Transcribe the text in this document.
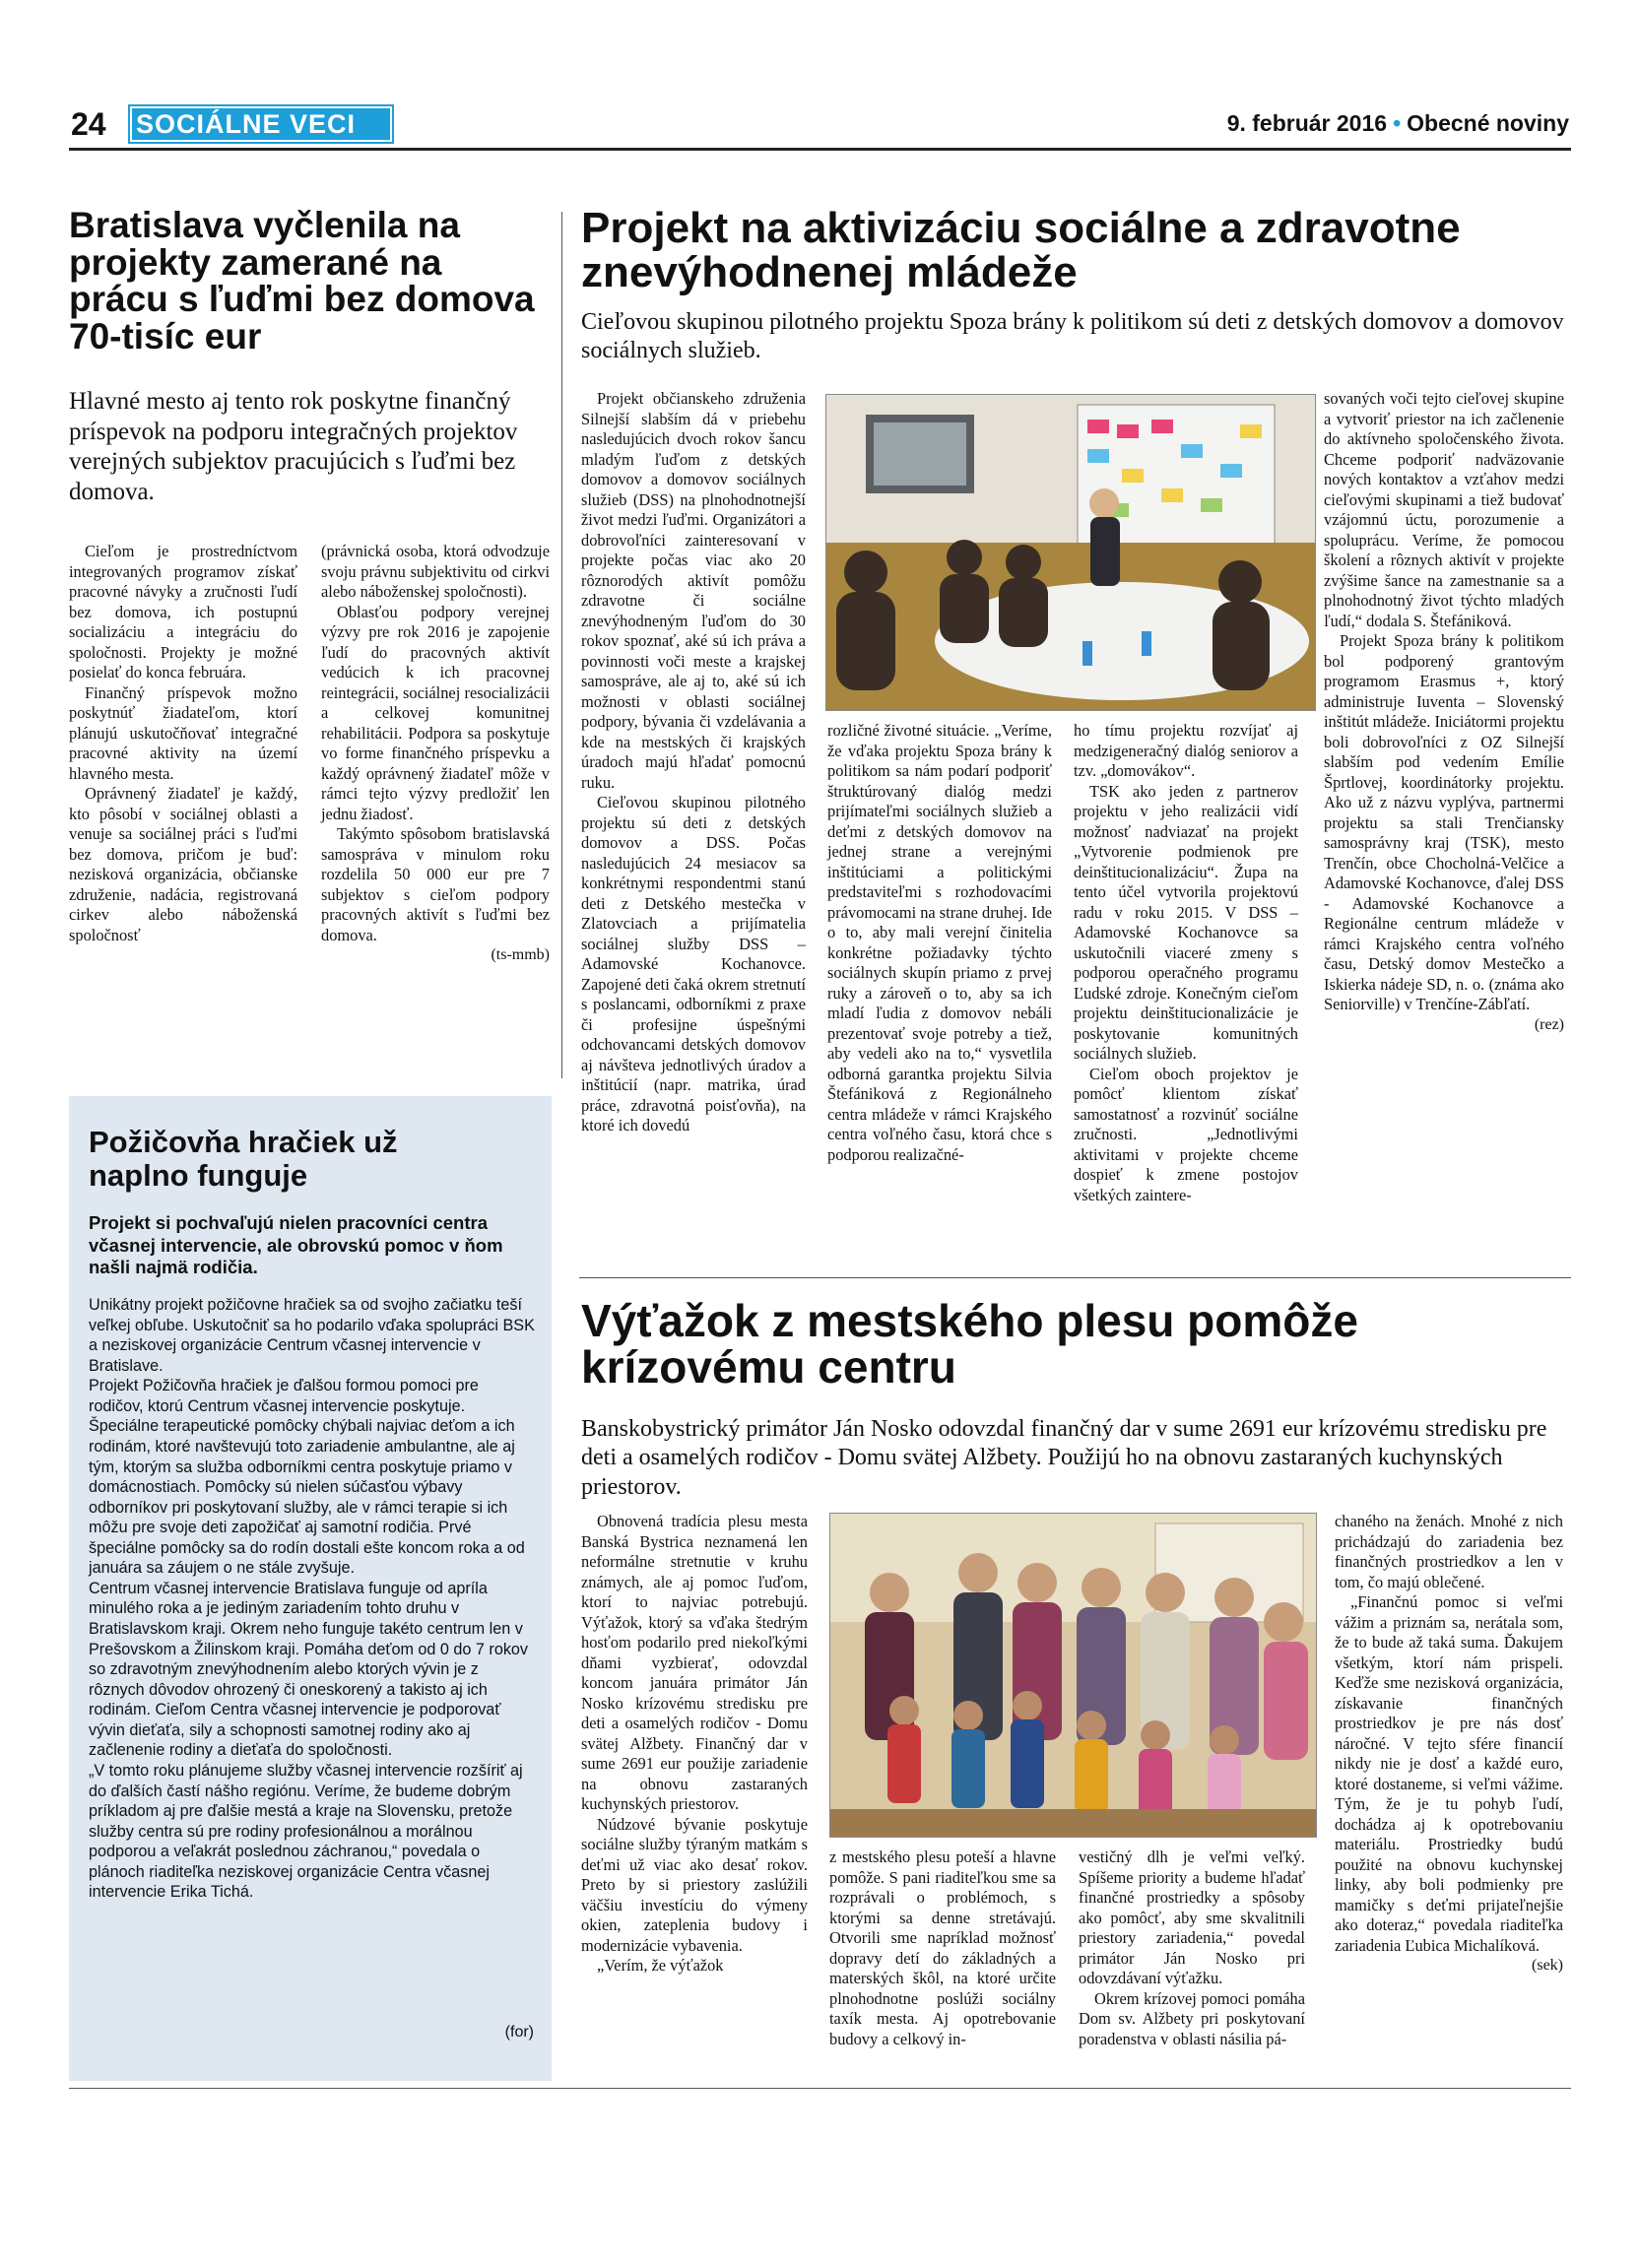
24 SOCIÁLNE VECI	9. február 2016 • Obecné noviny
Bratislava vyčlenila na projekty zamerané na prácu s ľuďmi bez domova 70-tisíc eur
Hlavné mesto aj tento rok poskytne finančný príspevok na podporu integračných projektov verejných subjektov pracujúcich s ľuďmi bez domova.

Cieľom je prostredníctvom integrovaných programov získať pracovné návyky a zručnosti ľudí bez domova, ich postupnú socializáciu a integráciu do spoločnosti. Projekty je možné posielať do konca februára.

Finančný príspevok možno poskytnúť žiadateľom, ktorí plánujú uskutočňovať integračné pracovné aktivity na území hlavného mesta.

Oprávnený žiadateľ je každý, kto pôsobí v sociálnej oblasti a venuje sa sociálnej práci s ľuďmi bez domova, pričom je buď: nezisková organizácia, občianske združenie, nadácia, registrovaná cirkev alebo náboženská spoločnosť

(právnická osoba, ktorá odvodzuje svoju právnu subjektivitu od cirkvi alebo náboženskej spoločnosti).

Oblasťou podpory verejnej výzvy pre rok 2016 je zapojenie ľudí do pracovných aktivít vedúcich k ich pracovnej reintegrácii, sociálnej resocializácii a celkovej komunitnej rehabilitácii. Podpora sa poskytuje vo forme finančného príspevku a každý oprávnený žiadateľ môže v rámci tejto výzvy predložiť len jednu žiadosť.

Takýmto spôsobom bratislavská samospráva v minulom roku rozdelila 50 000 eur pre 7 subjektov s cieľom podpory pracovných aktivít s ľuďmi bez domova.

(ts-mmb)
Požičovňa hračiek už naplno funguje
Projekt si pochvaľujú nielen pracovníci centra včasnej intervencie, ale obrovskú pomoc v ňom našli najmä rodičia.

Unikátny projekt požičovne hračiek sa od svojho začiatku teší veľkej obľube. Uskutočniť sa ho podarilo vďaka spolupráci BSK a neziskovej organizácie Centrum včasnej intervencie v Bratislave.

Projekt Požičovňa hračiek je ďalšou formou pomoci pre rodičov, ktorú Centrum včasnej intervencie poskytuje. Špeciálne terapeutické pomôcky chýbali najviac deťom a ich rodinám, ktoré navštevujú toto zariadenie ambulantne, ale aj tým, ktorým sa služba odborníkmi centra poskytuje priamo v domácnostiach. Pomôcky sú nielen súčasťou výbavy odborníkov pri poskytovaní služby, ale v rámci terapie si ich môžu pre svoje deti zapožičať aj samotní rodičia. Prvé špeciálne pomôcky sa do rodín dostali ešte koncom roka a od januára sa záujem o ne stále zvyšuje.

Centrum včasnej intervencie Bratislava funguje od apríla minulého roka a je jediným zariadením tohto druhu v Bratislavskom kraji. Okrem neho funguje takéto centrum len v Prešovskom a Žilinskom kraji. Pomáha deťom od 0 do 7 rokov so zdravotným znevýhodnením alebo ktorých vývin je z rôznych dôvodov ohrozený či oneskorený a takisto aj ich rodinám. Cieľom Centra včasnej intervencie je podporovať vývin dieťaťa, sily a schopnosti samotnej rodiny ako aj začlenenie rodiny a dieťaťa do spoločnosti.

„V tomto roku plánujeme služby včasnej intervencie rozšíriť aj do ďalších častí nášho regiónu. Veríme, že budeme dobrým príkladom aj pre ďalšie mestá a kraje na Slovensku, pretože služby centra sú pre rodiny profesionálnou a morálnou podporou a veľakrát poslednou záchranou,“ povedala o plánoch riaditeľka neziskovej organizácie Centra včasnej intervencie Erika Tichá.

(for)
Projekt na aktivizáciu sociálne a zdravotne znevýhodnenej mládeže
Cieľovou skupinou pilotného projektu Spoza brány k politikom sú deti z detských domovov a domovov sociálnych služieb.

Projekt občianskeho združenia Silnejší slabším dá v priebehu nasledujúcich dvoch rokov šancu mladým ľuďom z detských domovov a domovov sociálnych služieb (DSS) na plnohodnotnejší život medzi ľuďmi. Organizátori a dobrovoľníci zainteresovaní v projekte počas viac ako 20 rôznorodých aktivít pomôžu zdravotne či sociálne znevýhodneným ľuďom do 30 rokov spoznať, aké sú ich práva a povinnosti voči meste a krajskej samospráve, ale aj to, aké sú ich možnosti v oblasti sociálnej podpory, bývania či vzdelávania a kde na mestských či krajských úradoch majú hľadať pomocnú ruku.

Cieľovou skupinou pilotného projektu sú deti z detských domovov a DSS. Počas nasledujúcich 24 mesiacov sa konkrétnymi respondentmi stanú deti z Detského mestečka v Zlatovciach a prijímatelia sociálnej služby DSS – Adamovské Kochanovce. Zapojené deti čaká okrem stretnutí s poslancami, odborníkmi z praxe či profesijne úspešnými odchovancami detských domovov aj návšteva jednotlivých úradov a inštitúcií (napr. matrika, úrad práce, zdravotná poisťovňa), na ktoré ich dovedú

rozličné životné situácie. „Veríme, že vďaka projektu Spoza brány k politikom sa nám podarí podporiť štruktúrovaný dialóg medzi prijímateľmi sociálnych služieb a deťmi z detských domovov na jednej strane a verejnými inštitúciami a politickými predstaviteľmi s rozhodovacími právomocami na strane druhej. Ide o to, aby mali verejní činitelia konkrétne požiadavky týchto sociálnych skupín priamo z prvej ruky a zároveň o to, aby sa ich mladí ľudia z domovov nebáli prezentovať svoje potreby a tiež, aby vedeli ako na to,“ vysvetlila odborná garantka projektu Silvia Štefániková z Regionálneho centra mládeže v rámci Krajského centra voľného času, ktorá chce s podporou realizačné-

ho tímu projektu rozvíjať aj medzigeneračný dialóg seniorov a tzv. „domovákov“.

TSK ako jeden z partnerov projektu v jeho realizácii vidí možnosť nadviazať na projekt „Vytvorenie podmienok pre deinštitucionalizáciu“. Župa na tento účel vytvorila projektovú radu v roku 2015. V DSS – Adamovské Kochanovce sa uskutočnili viaceré zmeny s podporou operačného programu Ľudské zdroje. Konečným cieľom projektu deinštitucionalizácie je poskytovanie komunitných sociálnych služieb.

Cieľom oboch projektov je pomôcť klientom získať samostatnosť a rozvinúť sociálne zručnosti. „Jednotlivými aktivitami v projekte chceme dospieť k zmene postojov všetkých zaintere-

sovaných voči tejto cieľovej skupine a vytvoriť priestor na ich začlenenie do aktívneho spoločenského života. Chceme podporiť nadväzovanie nových kontaktov a vzťahov medzi cieľovými skupinami a tiež budovať vzájomnú úctu, porozumenie a spoluprácu. Veríme, že pomocou školení a rôznych aktivít v projekte zvýšime šance na zamestnanie sa a plnohodnotný život týchto mladých ľudí,“ dodala S. Štefániková.

Projekt Spoza brány k politikom bol podporený grantovým programom Erasmus +, ktorý administruje Iuventa – Slovenský inštitút mládeže. Iniciátormi projektu boli dobrovoľníci z OZ Silnejší slabším pod vedením Emílie Šprtlovej, koordinátorky projektu. Ako už z názvu vyplýva, partnermi projektu sa stali Trenčiansky samosprávny kraj (TSK), mesto Trenčín, obce Chocholná-Velčice a Adamovské Kochanovce, ďalej DSS - Adamovské Kochanovce a Regionálne centrum mládeže v rámci Krajského centra voľného času, Detský domov Mestečko a Iskierka nádeje SD, n. o. (známa ako Seniorville) v Trenčíne-Zábľatí.

(rez)
Výťažok z mestského plesu pomôže krízovému centru
Banskobystrický primátor Ján Nosko odovzdal finančný dar v sume 2691 eur krízovému stredisku pre deti a osamelých rodičov - Domu svätej Alžbety. Použijú ho na obnovu zastaraných kuchynských priestorov.

Obnovená tradícia plesu mesta Banská Bystrica neznamená len neformálne stretnutie v kruhu známych, ale aj pomoc ľuďom, ktorí to najviac potrebujú. Výťažok, ktorý sa vďaka štedrým hosťom podarilo pred niekoľkými dňami vyzbierať, odovzdal koncom januára primátor Ján Nosko krízovému stredisku pre deti a osamelých rodičov - Domu svätej Alžbety. Finančný dar v sume 2691 eur použije zariadenie na obnovu zastaraných kuchynských priestorov.

Núdzové bývanie poskytuje sociálne služby týraným matkám s deťmi už viac ako desať rokov. Preto by si priestory zaslúžili väčšiu investíciu do výmeny okien, zateplenia budovy i modernizácie vybavenia.

„Verím, že výťažok

z mestského plesu poteší a hlavne pomôže. S pani riaditeľkou sme sa rozprávali o problémoch, s ktorými sa denne stretávajú. Otvorili sme napríklad možnosť dopravy detí do základných a materských škôl, na ktoré určite plnohodnotne poslúži sociálny taxík mesta. Aj opotrebovanie budovy a celkový in-

vestičný dlh je veľmi veľký. Spíšeme priority a budeme hľadať finančné prostriedky a spôsoby ako pomôcť, aby sme skvalitnili priestory zariadenia,“ povedal primátor Ján Nosko pri odovzdávaní výťažku.

Okrem krízovej pomoci pomáha Dom sv. Alžbety pri poskytovaní poradenstva v oblasti násilia pá-

chaného na ženách. Mnohé z nich prichádzajú do zariadenia bez finančných prostriedkov a len v tom, čo majú oblečené.

„Finančnú pomoc si veľmi vážim a priznám sa, nerátala som, že to bude až taká suma. Ďakujem všetkým, ktorí nám prispeli. Keďže sme nezisková organizácia, získavanie finančných prostriedkov je pre nás dosť náročné. V tejto sfére financií nikdy nie je dosť a každé euro, ktoré dostaneme, si veľmi vážime. Tým, že je tu pohyb ľudí, dochádza aj k opotrebovaniu materiálu. Prostriedky budú použité na obnovu kuchynskej linky, aby boli podmienky pre mamičky s deťmi prijateľnejšie ako doteraz,“ povedala riaditeľka zariadenia Ľubica Michalíková.

(sek)
